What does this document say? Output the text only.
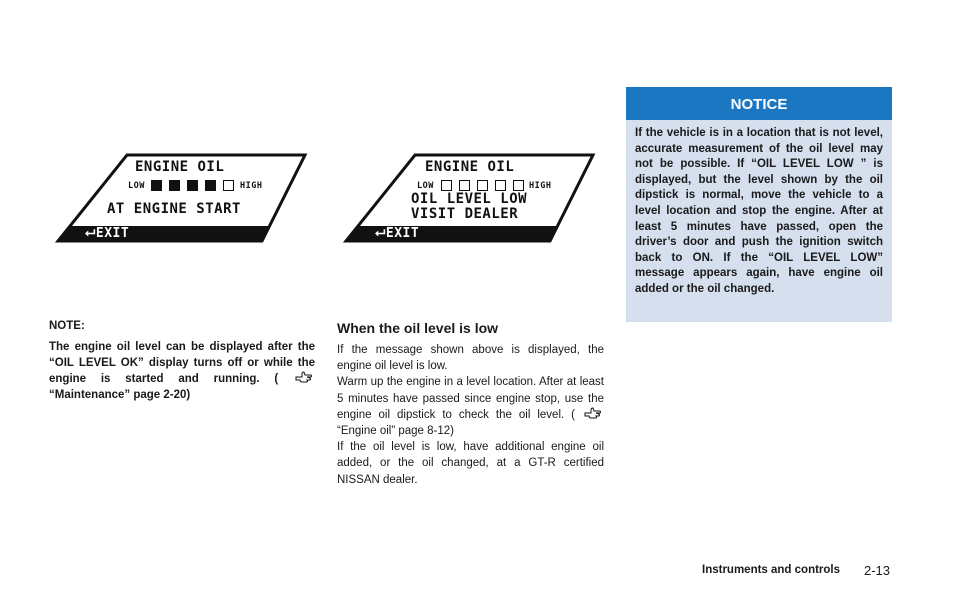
ENGINE OIL
LOW	HIGH
AT ENGINE START
⮠EXIT
ENGINE OIL
LOW	HIGH
OIL LEVEL LOW
VISIT DEALER
⮠EXIT
NOTE:
The engine oil level can be displayed after the “OIL LEVEL OK” display turns off or while the engine is started and running. (  “Maintenance” page 2-20)
When the oil level is low

If the message shown above is displayed, the engine oil level is low.

Warm up the engine in a level location. After at least 5 minutes have passed since engine stop, use the engine oil dipstick to check the oil level. (  “Engine oil” page 8-12)

If the oil level is low, have additional engine oil added, or the oil changed, at a GT-R certified NISSAN dealer.

NOTICE
If the vehicle is in a location that is not level, accurate measurement of the oil level may not be possible. If “OIL LEVEL LOW ” is displayed, but the level shown by the oil dipstick is normal, move the vehicle to a level location and stop the engine. After at least 5 minutes have passed, open the driver’s door and push the ignition switch back to ON. If the “OIL LEVEL LOW” message appears again, have engine oil added or the oil changed.
Instruments and controls 2-13
